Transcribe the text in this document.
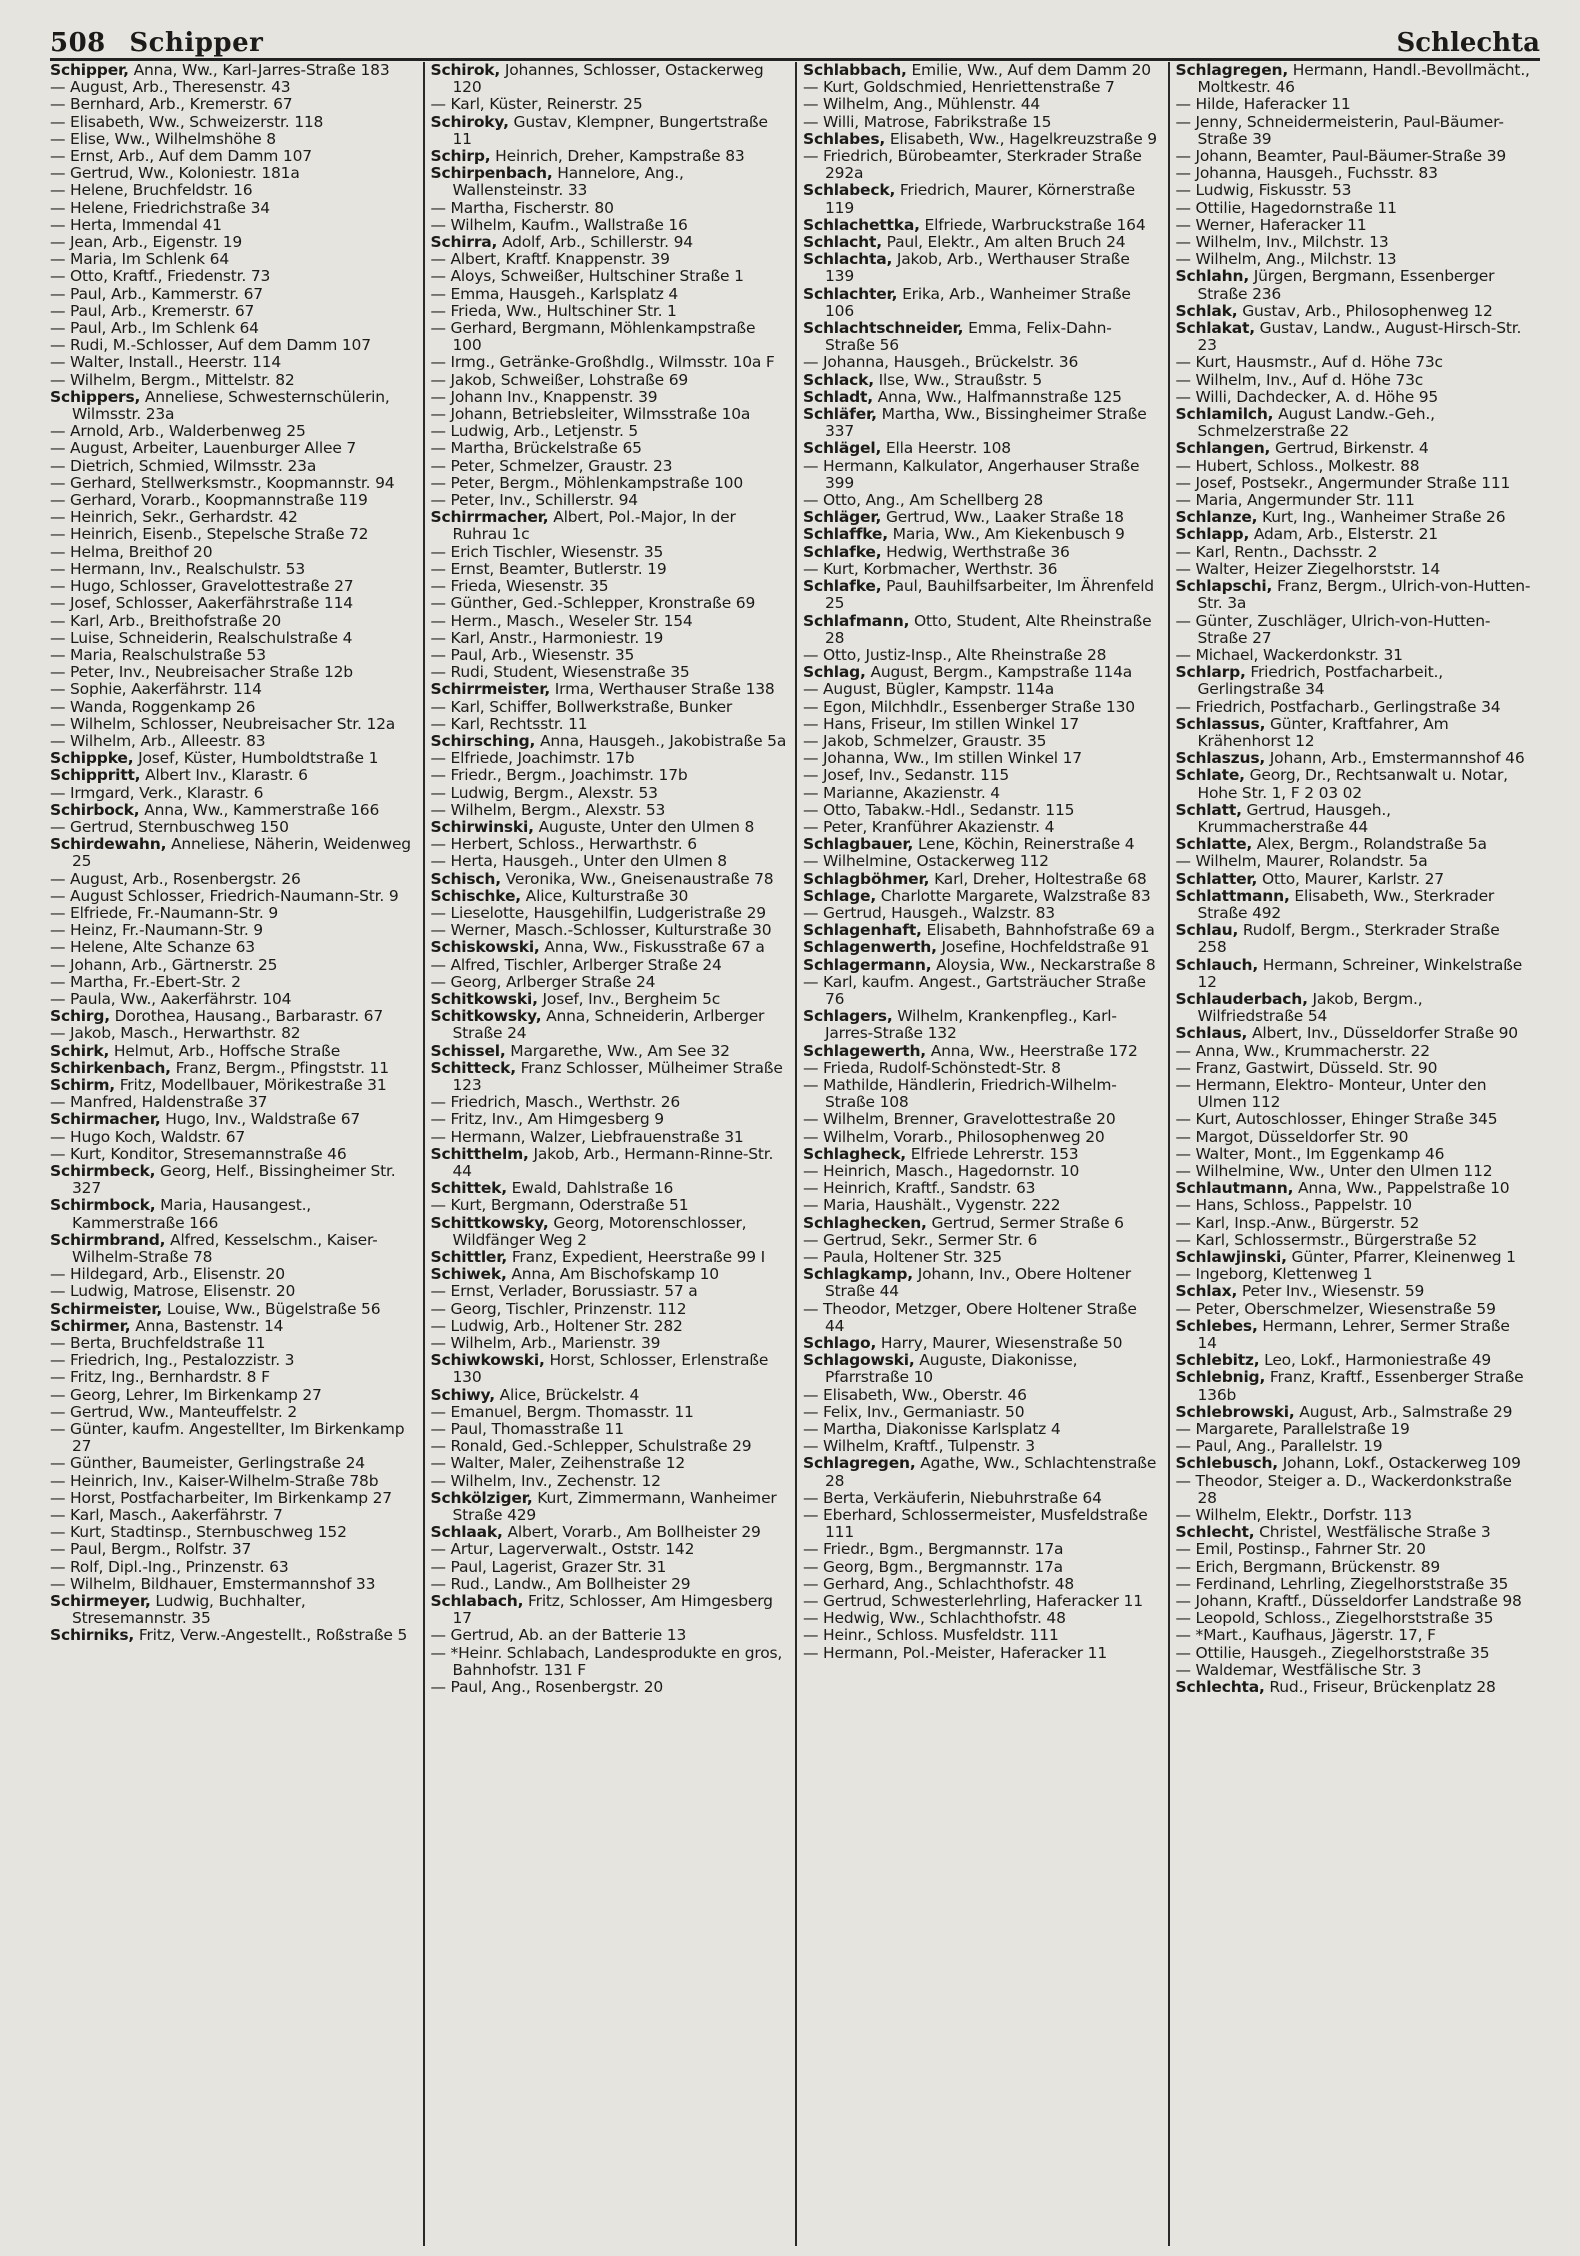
508 Schipper	Schlechta
Schipper, Anna, Ww., Karl-Jarres-Straße 183
— August, Arb., Theresenstr. 43
— Bernhard, Arb., Kremerstr. 67
— Elisabeth, Ww., Schweizerstr. 118
— Elise, Ww., Wilhelmshöhe 8
— Ernst, Arb., Auf dem Damm 107
— Gertrud, Ww., Koloniestr. 181a
— Helene, Bruchfeldstr. 16
— Helene, Friedrichstraße 34
— Herta, Immendal 41
— Jean, Arb., Eigenstr. 19
— Maria, Im Schlenk 64
— Otto, Kraftf., Friedenstr. 73
— Paul, Arb., Kammerstr. 67
— Paul, Arb., Kremerstr. 67
— Paul, Arb., Im Schlenk 64
— Rudi, M.-Schlosser, Auf dem Damm 107
— Walter, Install., Heerstr. 114
— Wilhelm, Bergm., Mittelstr. 82
Schippers, Anneliese, Schwesternschülerin, Wilmsstr. 23a
— Arnold, Arb., Walderbenweg 25
— August, Arbeiter, Lauenburger Allee 7
— Dietrich, Schmied, Wilmsstr. 23a
— Gerhard, Stellwerksmstr., Koopmannstr. 94
— Gerhard, Vorarb., Koopmannstraße 119
— Heinrich, Sekr., Gerhardstr. 42
— Heinrich, Eisenb., Stepelsche Straße 72
— Helma, Breithof 20
— Hermann, Inv., Realschulstr. 53
— Hugo, Schlosser, Gravelottestraße 27
— Josef, Schlosser, Aakerfährstraße 114
— Karl, Arb., Breithofstraße 20
— Luise, Schneiderin, Realschulstraße 4
— Maria, Realschulstraße 53
— Peter, Inv., Neubreisacher Straße 12b
— Sophie, Aakerfährstr. 114
— Wanda, Roggenkamp 26
— Wilhelm, Schlosser, Neubreisacher Str. 12a
— Wilhelm, Arb., Alleestr. 83
Schippke, Josef, Küster, Humboldtstraße 1
Schippritt, Albert Inv., Klarastr. 6
— Irmgard, Verk., Klarastr. 6
Schirbock, Anna, Ww., Kammerstraße 166
— Gertrud, Sternbuschweg 150
Schirdewahn, Anneliese, Näherin, Weidenweg 25
— August, Arb., Rosenbergstr. 26
— August Schlosser, Friedrich-Naumann-Str. 9
— Elfriede, Fr.-Naumann-Str. 9
— Heinz, Fr.-Naumann-Str. 9
— Helene, Alte Schanze 63
— Johann, Arb., Gärtnerstr. 25
— Martha, Fr.-Ebert-Str. 2
— Paula, Ww., Aakerfährstr. 104
Schirg, Dorothea, Hausang., Barbarastr. 67
— Jakob, Masch., Herwarthstr. 82
Schirk, Helmut, Arb., Hoffsche Straße
Schirkenbach, Franz, Bergm., Pfingststr. 11
Schirm, Fritz, Modellbauer, Mörikestraße 31
— Manfred, Haldenstraße 37
Schirmacher, Hugo, Inv., Waldstraße 67
— Hugo Koch, Waldstr. 67
— Kurt, Konditor, Stresemannstraße 46
Schirmbeck, Georg, Helf., Bissingheimer Str. 327
Schirmbock, Maria, Hausangest., Kammerstraße 166
Schirmbrand, Alfred, Kesselschm., Kaiser-Wilhelm-Straße 78
— Hildegard, Arb., Elisenstr. 20
— Ludwig, Matrose, Elisenstr. 20
Schirmeister, Louise, Ww., Bügelstraße 56
Schirmer, Anna, Bastenstr. 14
— Berta, Bruchfeldstraße 11
— Friedrich, Ing., Pestalozzistr. 3
— Fritz, Ing., Bernhardstr. 8 F
— Georg, Lehrer, Im Birkenkamp 27
— Gertrud, Ww., Manteuffelstr. 2
— Günter, kaufm. Angestellter, Im Birkenkamp 27
— Günther, Baumeister, Gerlingstraße 24
— Heinrich, Inv., Kaiser-Wilhelm-Straße 78b
— Horst, Postfacharbeiter, Im Birkenkamp 27
— Karl, Masch., Aakerfährstr. 7
— Kurt, Stadtinsp., Sternbuschweg 152
— Paul, Bergm., Rolfstr. 37
— Rolf, Dipl.-Ing., Prinzenstr. 63
— Wilhelm, Bildhauer, Emstermannshof 33
Schirmeyer, Ludwig, Buchhalter, Stresemannstr. 35
Schirniks, Fritz, Verw.-Angestellt., Roßstraße 5
Schirok, Johannes, Schlosser, Ostackerweg 120
— Karl, Küster, Reinerstr. 25
Schiroky, Gustav, Klempner, Bungertstraße 11
Schirp, Heinrich, Dreher, Kampstraße 83
Schirpenbach, Hannelore, Ang., Wallensteinstr. 33
— Martha, Fischerstr. 80
— Wilhelm, Kaufm., Wallstraße 16
Schirra, Adolf, Arb., Schillerstr. 94
— Albert, Kraftf. Knappenstr. 39
— Aloys, Schweißer, Hultschiner Straße 1
— Emma, Hausgeh., Karlsplatz 4
— Frieda, Ww., Hultschiner Str. 1
— Gerhard, Bergmann, Möhlenkampstraße 100
— Irmg., Getränke-Großhdlg., Wilmsstr. 10a F
— Jakob, Schweißer, Lohstraße 69
— Johann Inv., Knappenstr. 39
— Johann, Betriebsleiter, Wilmsstraße 10a
— Ludwig, Arb., Letjenstr. 5
— Martha, Brückelstraße 65
— Peter, Schmelzer, Graustr. 23
— Peter, Bergm., Möhlenkampstraße 100
— Peter, Inv., Schillerstr. 94
Schirrmacher, Albert, Pol.-Major, In der Ruhrau 1c
— Erich Tischler, Wiesenstr. 35
— Ernst, Beamter, Butlerstr. 19
— Frieda, Wiesenstr. 35
— Günther, Ged.-Schlepper, Kronstraße 69
— Herm., Masch., Weseler Str. 154
— Karl, Anstr., Harmoniestr. 19
— Paul, Arb., Wiesenstr. 35
— Rudi, Student, Wiesenstraße 35
Schirrmeister, Irma, Werthauser Straße 138
— Karl, Schiffer, Bollwerkstraße, Bunker
— Karl, Rechtsstr. 11
Schirsching, Anna, Hausgeh., Jakobistraße 5a
— Elfriede, Joachimstr. 17b
— Friedr., Bergm., Joachimstr. 17b
— Ludwig, Bergm., Alexstr. 53
— Wilhelm, Bergm., Alexstr. 53
Schirwinski, Auguste, Unter den Ulmen 8
— Herbert, Schloss., Herwarthstr. 6
— Herta, Hausgeh., Unter den Ulmen 8
Schisch, Veronika, Ww., Gneisenaustraße 78
Schischke, Alice, Kulturstraße 30
— Lieselotte, Hausgehilfin, Ludgeristraße 29
— Werner, Masch.-Schlosser, Kulturstraße 30
Schiskowski, Anna, Ww., Fiskusstraße 67 a
— Alfred, Tischler, Arlberger Straße 24
— Georg, Arlberger Straße 24
Schitkowski, Josef, Inv., Bergheim 5c
Schitkowsky, Anna, Schneiderin, Arlberger Straße 24
Schissel, Margarethe, Ww., Am See 32
Schitteck, Franz Schlosser, Mülheimer Straße 123
— Friedrich, Masch., Werthstr. 26
— Fritz, Inv., Am Himgesberg 9
— Hermann, Walzer, Liebfrauenstraße 31
Schitthelm, Jakob, Arb., Hermann-Rinne-Str. 44
Schittek, Ewald, Dahlstraße 16
— Kurt, Bergmann, Oderstraße 51
Schittkowsky, Georg, Motorenschlosser, Wildfänger Weg 2
Schittler, Franz, Expedient, Heerstraße 99 I
Schiwek, Anna, Am Bischofskamp 10
— Ernst, Verlader, Borussiastr. 57 a
— Georg, Tischler, Prinzenstr. 112
— Ludwig, Arb., Holtener Str. 282
— Wilhelm, Arb., Marienstr. 39
Schiwkowski, Horst, Schlosser, Erlenstraße 130
Schiwy, Alice, Brückelstr. 4
— Emanuel, Bergm. Thomasstr. 11
— Paul, Thomasstraße 11
— Ronald, Ged.-Schlepper, Schulstraße 29
— Walter, Maler, Zeihenstraße 12
— Wilhelm, Inv., Zechenstr. 12
Schkölziger, Kurt, Zimmermann, Wanheimer Straße 429
Schlaak, Albert, Vorarb., Am Bollheister 29
— Artur, Lagerverwalt., Oststr. 142
— Paul, Lagerist, Grazer Str. 31
— Rud., Landw., Am Bollheister 29
Schlabach, Fritz, Schlosser, Am Himgesberg 17
— Gertrud, Ab. an der Batterie 13
— *Heinr. Schlabach, Landesprodukte en gros, Bahnhofstr. 131 F
— Paul, Ang., Rosenbergstr. 20
Schlabbach, Emilie, Ww., Auf dem Damm 20
— Kurt, Goldschmied, Henriettenstraße 7
— Wilhelm, Ang., Mühlenstr. 44
— Willi, Matrose, Fabrikstraße 15
Schlabes, Elisabeth, Ww., Hagelkreuzstraße 9
— Friedrich, Bürobeamter, Sterkrader Straße 292a
Schlabeck, Friedrich, Maurer, Körnerstraße 119
Schlachettka, Elfriede, Warbruckstraße 164
Schlacht, Paul, Elektr., Am alten Bruch 24
Schlachta, Jakob, Arb., Werthauser Straße 139
Schlachter, Erika, Arb., Wanheimer Straße 106
Schlachtschneider, Emma, Felix-Dahn-Straße 56
— Johanna, Hausgeh., Brückelstr. 36
Schlack, Ilse, Ww., Straußstr. 5
Schladt, Anna, Ww., Halfmannstraße 125
Schläfer, Martha, Ww., Bissingheimer Straße 337
Schlägel, Ella Heerstr. 108
— Hermann, Kalkulator, Angerhauser Straße 399
— Otto, Ang., Am Schellberg 28
Schläger, Gertrud, Ww., Laaker Straße 18
Schlaffke, Maria, Ww., Am Kiekenbusch 9
Schlafke, Hedwig, Werthstraße 36
— Kurt, Korbmacher, Werthstr. 36
Schlafke, Paul, Bauhilfsarbeiter, Im Ährenfeld 25
Schlafmann, Otto, Student, Alte Rheinstraße 28
— Otto, Justiz-Insp., Alte Rheinstraße 28
Schlag, August, Bergm., Kampstraße 114a
— August, Bügler, Kampstr. 114a
— Egon, Milchhdlr., Essenberger Straße 130
— Hans, Friseur, Im stillen Winkel 17
— Jakob, Schmelzer, Graustr. 35
— Johanna, Ww., Im stillen Winkel 17
— Josef, Inv., Sedanstr. 115
— Marianne, Akazienstr. 4
— Otto, Tabakw.-Hdl., Sedanstr. 115
— Peter, Kranführer Akazienstr. 4
Schlagbauer, Lene, Köchin, Reinerstraße 4
— Wilhelmine, Ostackerweg 112
Schlagböhmer, Karl, Dreher, Holtestraße 68
Schlage, Charlotte Margarete, Walzstraße 83
— Gertrud, Hausgeh., Walzstr. 83
Schlagenhaft, Elisabeth, Bahnhofstraße 69 a
Schlagenwerth, Josefine, Hochfeldstraße 91
Schlagermann, Aloysia, Ww., Neckarstraße 8
— Karl, kaufm. Angest., Gartsträucher Straße 76
Schlagers, Wilhelm, Krankenpfleg., Karl-Jarres-Straße 132
Schlagewerth, Anna, Ww., Heerstraße 172
— Frieda, Rudolf-Schönstedt-Str. 8
— Mathilde, Händlerin, Friedrich-Wilhelm-Straße 108
— Wilhelm, Brenner, Gravelottestraße 20
— Wilhelm, Vorarb., Philosophenweg 20
Schlagheck, Elfriede Lehrerstr. 153
— Heinrich, Masch., Hagedornstr. 10
— Heinrich, Kraftf., Sandstr. 63
— Maria, Haushält., Vygenstr. 222
Schlaghecken, Gertrud, Sermer Straße 6
— Gertrud, Sekr., Sermer Str. 6
— Paula, Holtener Str. 325
Schlagkamp, Johann, Inv., Obere Holtener Straße 44
— Theodor, Metzger, Obere Holtener Straße 44
Schlago, Harry, Maurer, Wiesenstraße 50
Schlagowski, Auguste, Diakonisse, Pfarrstraße 10
— Elisabeth, Ww., Oberstr. 46
— Felix, Inv., Germaniastr. 50
— Martha, Diakonisse Karlsplatz 4
— Wilhelm, Kraftf., Tulpenstr. 3
Schlagregen, Agathe, Ww., Schlachtenstraße 28
— Berta, Verkäuferin, Niebuhrstraße 64
— Eberhard, Schlossermeister, Musfeldstraße 111
— Friedr., Bgm., Bergmannstr. 17a
— Georg, Bgm., Bergmannstr. 17a
— Gerhard, Ang., Schlachthofstr. 48
— Gertrud, Schwesterlehrling, Haferacker 11
— Hedwig, Ww., Schlachthofstr. 48
— Heinr., Schloss. Musfeldstr. 111
— Hermann, Pol.-Meister, Haferacker 11
Schlagregen, Hermann, Handl.-Bevollmächt., Moltkestr. 46
— Hilde, Haferacker 11
— Jenny, Schneidermeisterin, Paul-Bäumer-Straße 39
— Johann, Beamter, Paul-Bäumer-Straße 39
— Johanna, Hausgeh., Fuchsstr. 83
— Ludwig, Fiskusstr. 53
— Ottilie, Hagedornstraße 11
— Werner, Haferacker 11
— Wilhelm, Inv., Milchstr. 13
— Wilhelm, Ang., Milchstr. 13
Schlahn, Jürgen, Bergmann, Essenberger Straße 236
Schlak, Gustav, Arb., Philosophenweg 12
Schlakat, Gustav, Landw., August-Hirsch-Str. 23
— Kurt, Hausmstr., Auf d. Höhe 73c
— Wilhelm, Inv., Auf d. Höhe 73c
— Willi, Dachdecker, A. d. Höhe 95
Schlamilch, August Landw.-Geh., Schmelzerstraße 22
Schlangen, Gertrud, Birkenstr. 4
— Hubert, Schloss., Molkestr. 88
— Josef, Postsekr., Angermunder Straße 111
— Maria, Angermunder Str. 111
Schlanze, Kurt, Ing., Wanheimer Straße 26
Schlapp, Adam, Arb., Elsterstr. 21
— Karl, Rentn., Dachsstr. 2
— Walter, Heizer Ziegelhorststr. 14
Schlapschi, Franz, Bergm., Ulrich-von-Hutten-Str. 3a
— Günter, Zuschläger, Ulrich-von-Hutten-Straße 27
— Michael, Wackerdonkstr. 31
Schlarp, Friedrich, Postfacharbeit., Gerlingstraße 34
— Friedrich, Postfacharb., Gerlingstraße 34
Schlassus, Günter, Kraftfahrer, Am Krähenhorst 12
Schlaszus, Johann, Arb., Emstermannshof 46
Schlate, Georg, Dr., Rechtsanwalt u. Notar, Hohe Str. 1, F 2 03 02
Schlatt, Gertrud, Hausgeh., Krummacherstraße 44
Schlatte, Alex, Bergm., Rolandstraße 5a
— Wilhelm, Maurer, Rolandstr. 5a
Schlatter, Otto, Maurer, Karlstr. 27
Schlattmann, Elisabeth, Ww., Sterkrader Straße 492
Schlau, Rudolf, Bergm., Sterkrader Straße 258
Schlauch, Hermann, Schreiner, Winkelstraße 12
Schlauderbach, Jakob, Bergm., Wilfriedstraße 54
Schlaus, Albert, Inv., Düsseldorfer Straße 90
— Anna, Ww., Krummacherstr. 22
— Franz, Gastwirt, Düsseld. Str. 90
— Hermann, Elektro- Monteur, Unter den Ulmen 112
— Kurt, Autoschlosser, Ehinger Straße 345
— Margot, Düsseldorfer Str. 90
— Walter, Mont., Im Eggenkamp 46
— Wilhelmine, Ww., Unter den Ulmen 112
Schlautmann, Anna, Ww., Pappelstraße 10
— Hans, Schloss., Pappelstr. 10
— Karl, Insp.-Anw., Bürgerstr. 52
— Karl, Schlossermstr., Bürgerstraße 52
Schlawjinski, Günter, Pfarrer, Kleinenweg 1
— Ingeborg, Klettenweg 1
Schlax, Peter Inv., Wiesenstr. 59
— Peter, Oberschmelzer, Wiesenstraße 59
Schlebes, Hermann, Lehrer, Sermer Straße 14
Schlebitz, Leo, Lokf., Harmoniestraße 49
Schlebnig, Franz, Kraftf., Essenberger Straße 136b
Schlebrowski, August, Arb., Salmstraße 29
— Margarete, Parallelstraße 19
— Paul, Ang., Parallelstr. 19
Schlebusch, Johann, Lokf., Ostackerweg 109
— Theodor, Steiger a. D., Wackerdonkstraße 28
— Wilhelm, Elektr., Dorfstr. 113
Schlecht, Christel, Westfälische Straße 3
— Emil, Postinsp., Fahrner Str. 20
— Erich, Bergmann, Brückenstr. 89
— Ferdinand, Lehrling, Ziegelhorststraße 35
— Johann, Kraftf., Düsseldorfer Landstraße 98
— Leopold, Schloss., Ziegelhorststraße 35
— *Mart., Kaufhaus, Jägerstr. 17, F
— Ottilie, Hausgeh., Ziegelhorststraße 35
— Waldemar, Westfälische Str. 3
Schlechta, Rud., Friseur, Brückenplatz 28
